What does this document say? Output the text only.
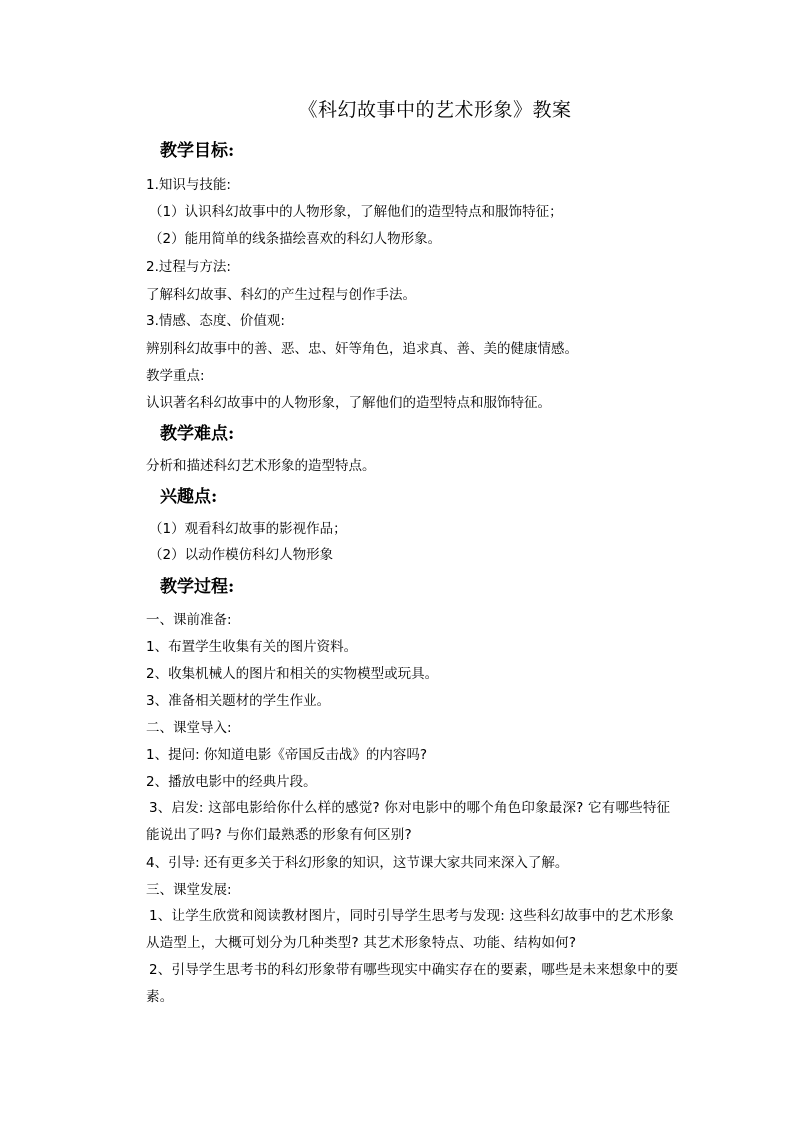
《科幻故事中的艺术形象》教案
教学目标:

1.知识与技能:

（1）认识科幻故事中的人物形象，了解他们的造型特点和服饰特征；

（2）能用简单的线条描绘喜欢的科幻人物形象。

2.过程与方法:

了解科幻故事、科幻的产生过程与创作手法。

3.情感、态度、价值观:

辨别科幻故事中的善、恶、忠、奸等角色，追求真、善、美的健康情感。

教学重点:

认识著名科幻故事中的人物形象，了解他们的造型特点和服饰特征。

教学难点:

分析和描述科幻艺术形象的造型特点。

兴趣点:

（1）观看科幻故事的影视作品；

（2）以动作模仿科幻人物形象

教学过程:

一、课前准备:

1、布置学生收集有关的图片资料。

2、收集机械人的图片和相关的实物模型或玩具。

3、准备相关题材的学生作业。

二、课堂导入:

1、提问: 你知道电影《帝国反击战》的内容吗?

2、播放电影中的经典片段。

3、启发: 这部电影给你什么样的感觉? 你对电影中的哪个角色印象最深? 它有哪些特征能说出了吗? 与你们最熟悉的形象有何区别?

4、引导: 还有更多关于科幻形象的知识，这节课大家共同来深入了解。

三、课堂发展:

1、让学生欣赏和阅读教材图片，同时引导学生思考与发现: 这些科幻故事中的艺术形象从造型上，大概可划分为几种类型? 其艺术形象特点、功能、结构如何?

2、引导学生思考书的科幻形象带有哪些现实中确实存在的要素，哪些是未来想象中的要素。
